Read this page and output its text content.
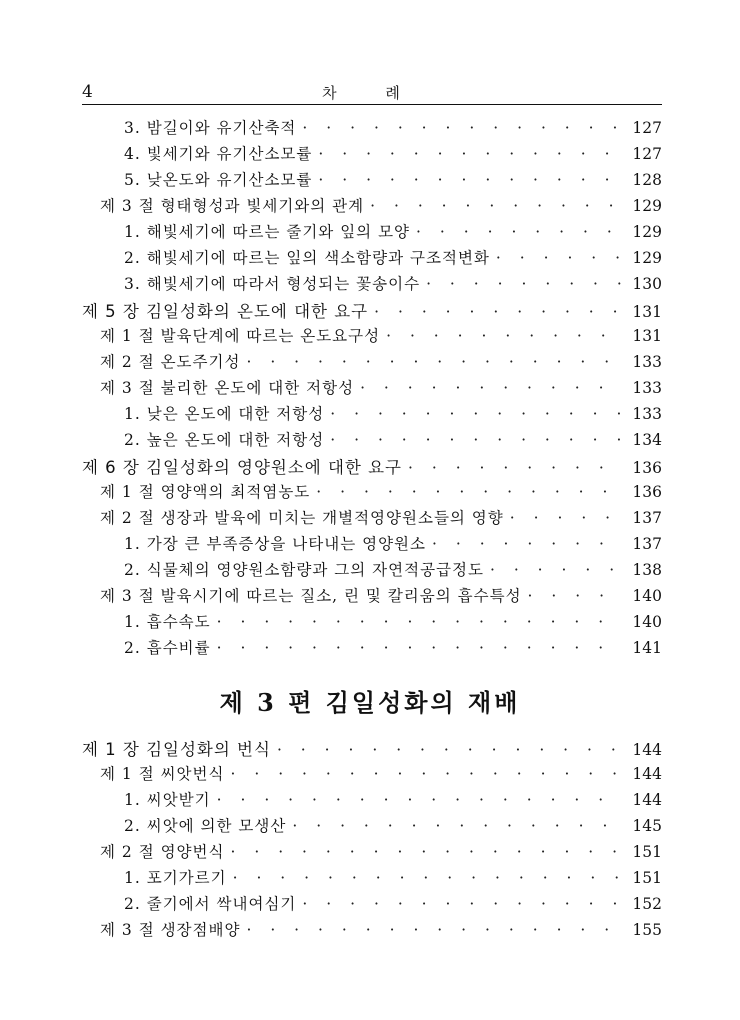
4	차 례
3. 밤길이와 유기산축적 · · ·	127
4. 빛세기와 유기산소모률 · · ·	127
5. 낮온도와 유기산소모률 · · ·	128
제 3 절 형태형성과 빛세기와의 관계 · · ·	129
1. 해빛세기에 따르는 줄기와 잎의 모양 · · ·	129
2. 해빛세기에 따르는 잎의 색소함량과 구조적변화 · · ·	129
3. 해빛세기에 따라서 형성되는 꽃송이수 · · ·	130
제 5 장 김일성화의 온도에 대한 요구 · · ·	131
제 1 절 발육단계에 따르는 온도요구성 · · ·	131
제 2 절 온도주기성 · · ·	133
제 3 절 불리한 온도에 대한 저항성 · · ·	133
1. 낮은 온도에 대한 저항성 · · ·	133
2. 높은 온도에 대한 저항성 · · ·	134
제 6 장 김일성화의 영양원소에 대한 요구 · · ·	136
제 1 절 영양액의 최적염농도 · · ·	136
제 2 절 생장과 발육에 미치는 개별적영양원소들의 영향 · · ·	137
1. 가장 큰 부족증상을 나타내는 영양원소 · · ·	137
2. 식물체의 영양원소함량과 그의 자연적공급정도 · · ·	138
제 3 절 발육시기에 따르는 질소, 린 및 칼리움의 흡수특성 · · ·	140
1. 흡수속도 · · ·	140
2. 흡수비률 · · ·	141
제 3 편 김일성화의 재배
제 1 장 김일성화의 번식 · · ·	144
제 1 절 씨앗번식 · · ·	144
1. 씨앗받기 · · ·	144
2. 씨앗에 의한 모생산 · · ·	145
제 2 절 영양번식 · · ·	151
1. 포기가르기 · · ·	151
2. 줄기에서 싹내여심기 · · ·	152
제 3 절 생장점배양 · · ·	155
